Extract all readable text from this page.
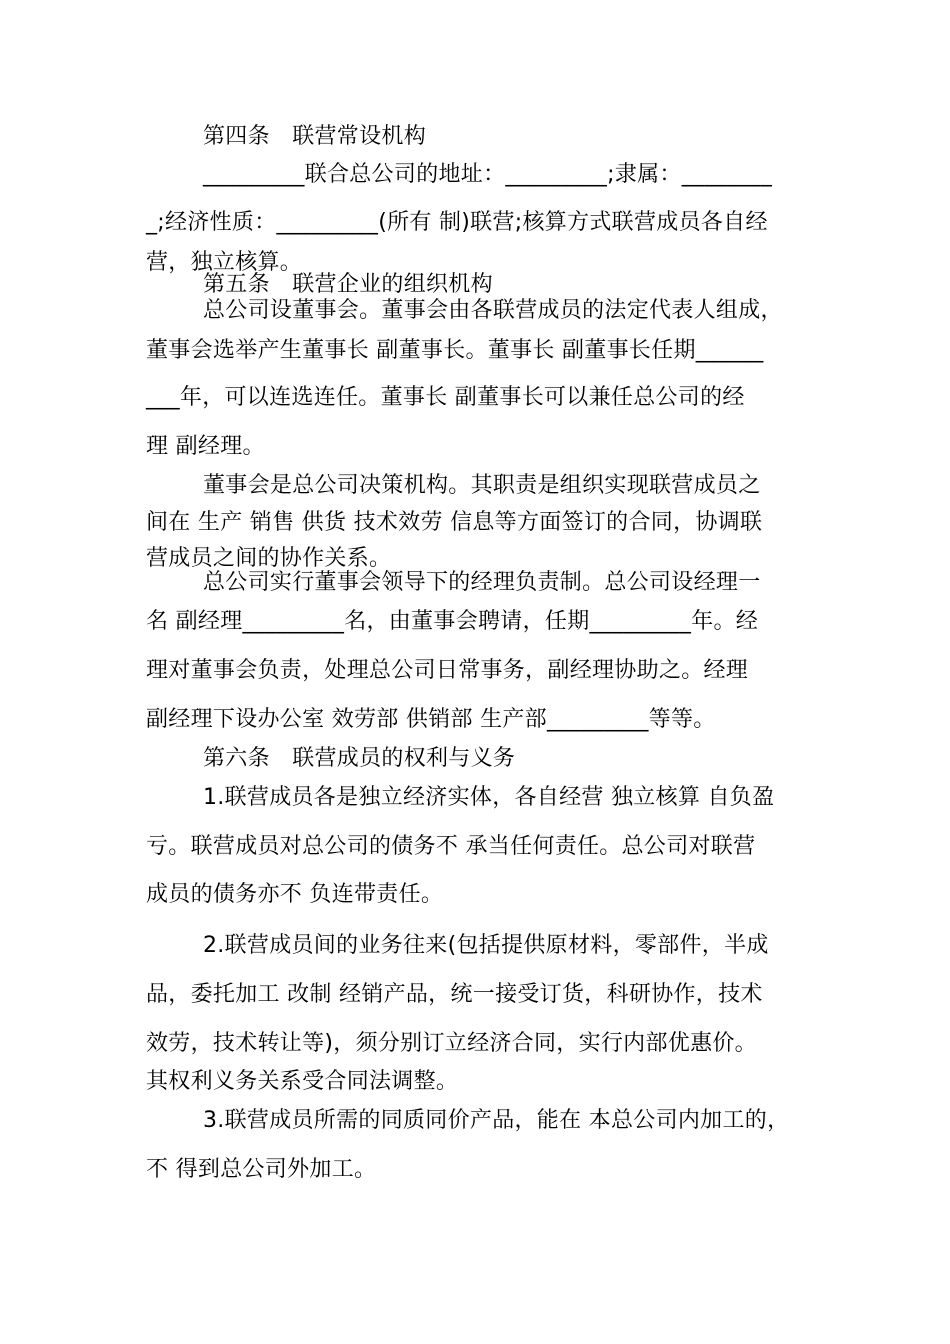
第四条　联营常设机构
_________联合总公司的地址：_________;隶属：________
_;经济性质：_________(所有 制)联营;核算方式联营成员各自经
营，独立核算。
第五条　联营企业的组织机构
总公司设董事会。董事会由各联营成员的法定代表人组成，
董事会选举产生董事长 副董事长。董事长 副董事长任期______
___年，可以连选连任。董事长 副董事长可以兼任总公司的经
理 副经理。
董事会是总公司决策机构。其职责是组织实现联营成员之
间在 生产 销售 供货 技术效劳 信息等方面签订的合同，协调联
营成员之间的协作关系。
总公司实行董事会领导下的经理负责制。总公司设经理一
名 副经理_________名，由董事会聘请，任期_________年。经
理对董事会负责，处理总公司日常事务，副经理协助之。经理
副经理下设办公室 效劳部 供销部 生产部_________等等。
第六条　联营成员的权利与义务
1.联营成员各是独立经济实体，各自经营 独立核算 自负盈
亏。联营成员对总公司的债务不 承当任何责任。总公司对联营
成员的债务亦不 负连带责任。
2.联营成员间的业务往来(包括提供原材料，零部件，半成
品，委托加工 改制 经销产品，统一接受订货，科研协作，技术
效劳，技术转让等)，须分别订立经济合同，实行内部优惠价。
其权利义务关系受合同法调整。
3.联营成员所需的同质同价产品，能在 本总公司内加工的，
不 得到总公司外加工。
